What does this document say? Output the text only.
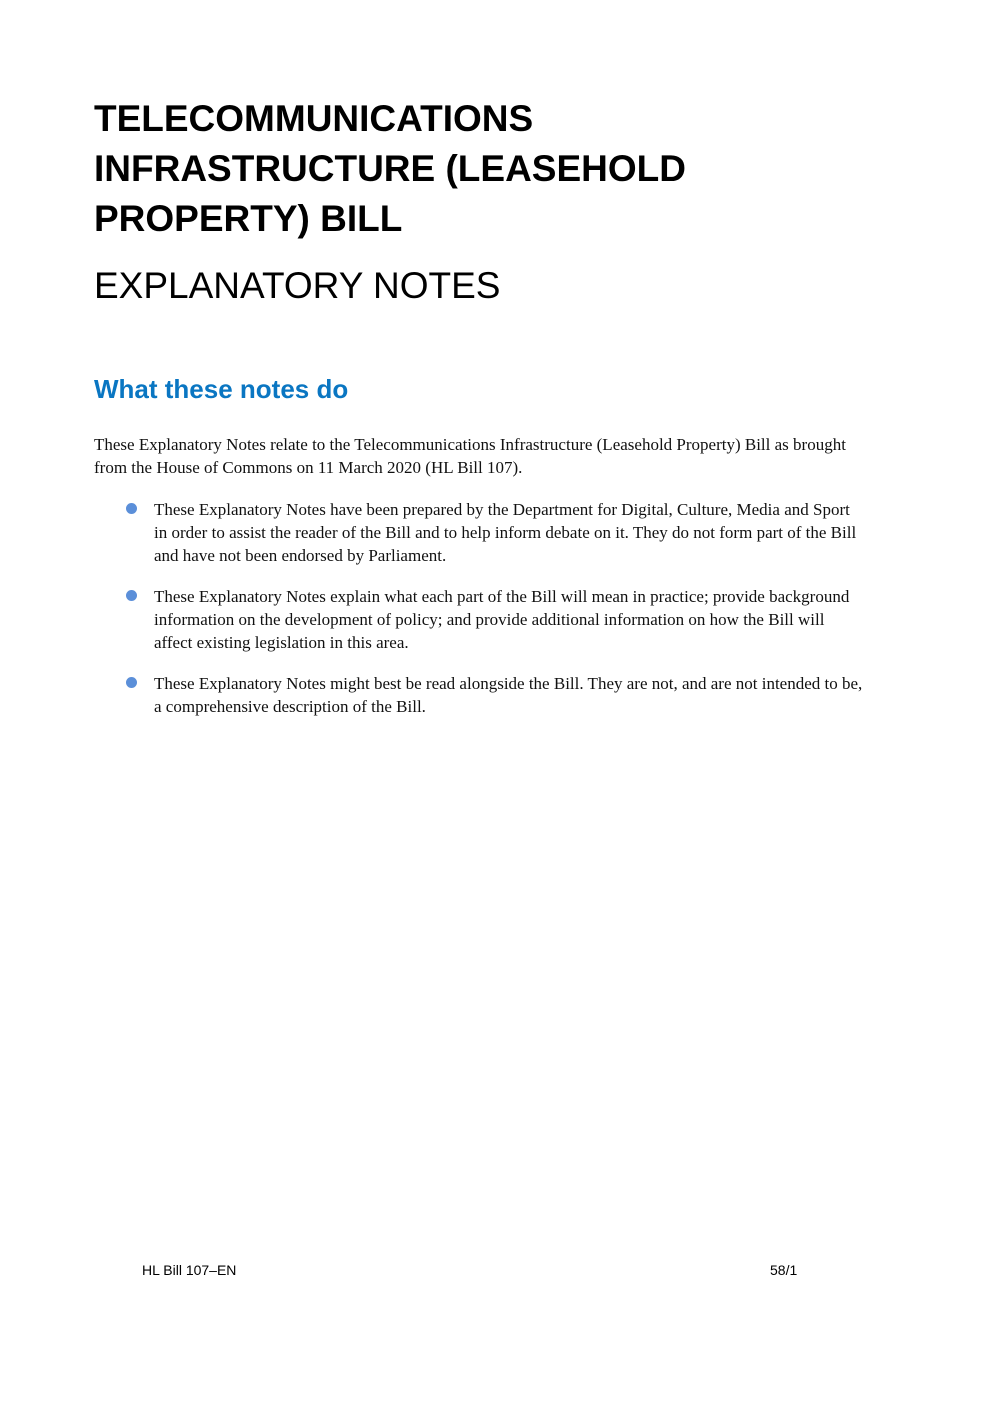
TELECOMMUNICATIONS
INFRASTRUCTURE (LEASEHOLD
PROPERTY) BILL
EXPLANATORY NOTES
What these notes do

These Explanatory Notes relate to the Telecommunications Infrastructure (Leasehold Property) Bill as brought from the House of Commons on 11 March 2020 (HL Bill 107).

These Explanatory Notes have been prepared by the Department for Digital, Culture, Media and Sport in order to assist the reader of the Bill and to help inform debate on it. They do not form part of the Bill and have not been endorsed by Parliament.
These Explanatory Notes explain what each part of the Bill will mean in practice; provide background information on the development of policy; and provide additional information on how the Bill will affect existing legislation in this area.
These Explanatory Notes might best be read alongside the Bill. They are not, and are not intended to be, a comprehensive description of the Bill.
HL Bill 107–EN	58/1
